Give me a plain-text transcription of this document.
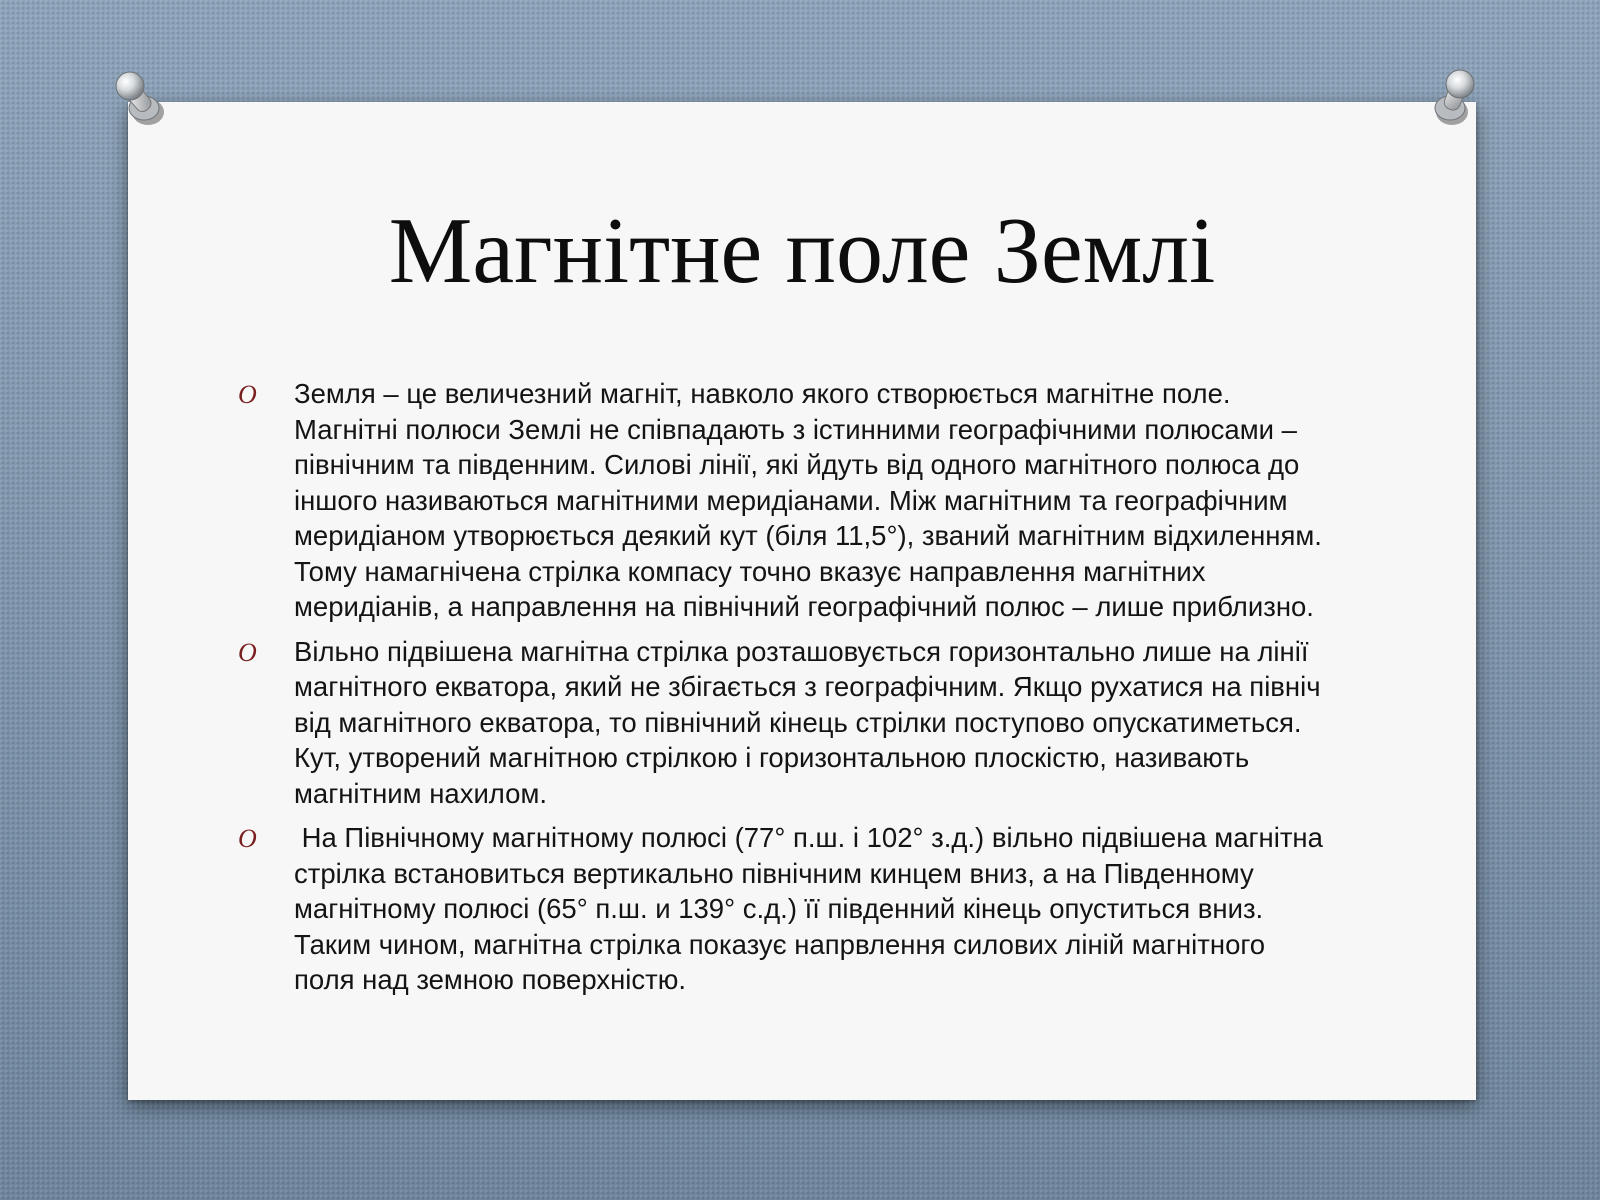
Магнітне поле Землі
O Земля – це величезний магніт, навколо якого створюється магнітне поле. Магнітні полюси Землі не співпадають з істинними географічними полюсами – північним та південним. Силові лінії, які йдуть від одного магнітного полюса до іншого називаються магнітними меридіанами. Між магнітним та географічним меридіаном утворюється деякий кут (біля 11,5°), званий магнітним відхиленням. Тому намагнічена стрілка компасу точно вказує направлення магнітних меридіанів, а направлення на північний географічний полюс – лише приблизно.
O Вільно підвішена магнітна стрілка розташовується горизонтально лише на лінії магнітного екватора, який не збігається з географічним. Якщо рухатися на північ від магнітного екватора, то північний кінець стрілки поступово опускатиметься. Кут, утворений магнітною стрілкою і горизонтальною плоскістю, називають магнітним нахилом.
O На Північному магнітному полюсі (77° п.ш. і 102° з.д.) вільно підвішена магнітна стрілка встановиться вертикально північним кинцем вниз, а на Південному магнітному полюсі (65° п.ш. и 139° с.д.) її південний кінець опуститься вниз. Таким чином, магнітна стрілка показує напрвлення силових ліній магнітного поля над земною поверхністю.
